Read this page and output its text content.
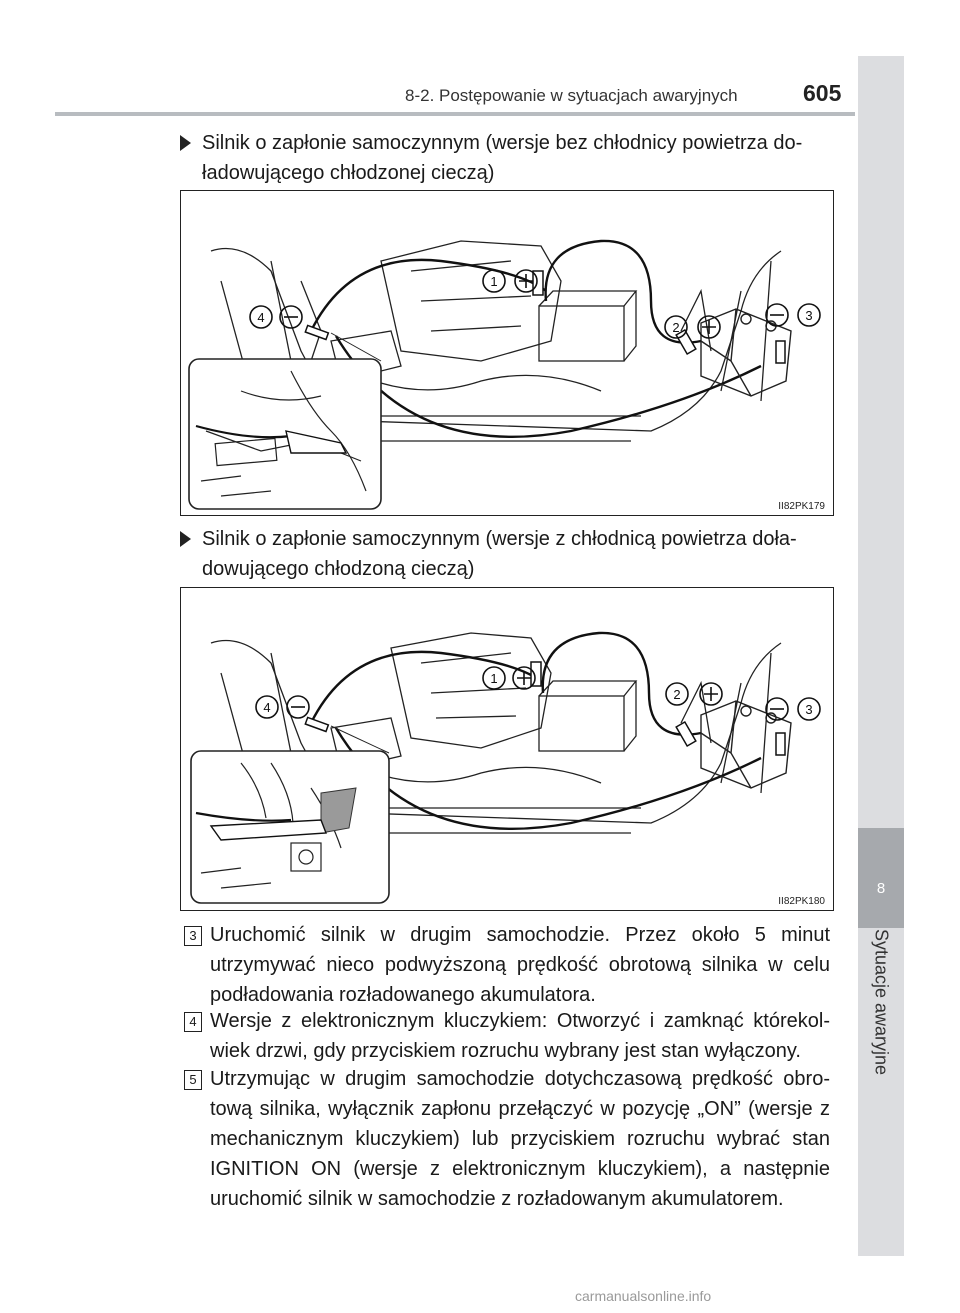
8-2. Postępowanie w sytuacjach awaryjnych	605
8
Sytuacje awaryjne
Silnik o zapłonie samoczynnym (wersje bez chłodnicy powietrza do-ładowującego chłodzonej cieczą)
1
2
3
4
II82PK179
Silnik o zapłonie samoczynnym (wersje z chłodnicą powietrza doła-dowującego chłodzoną cieczą)
1
2
3
4
II82PK180
3 Uruchomić silnik w drugim samochodzie. Przez około 5 minut utrzymywać nieco podwyższoną prędkość obrotową silnika w celu podładowania rozładowanego akumulatora.
4 Wersje z elektronicznym kluczykiem: Otworzyć i zamknąć którekol-wiek drzwi, gdy przyciskiem rozruchu wybrany jest stan wyłączony.
5 Utrzymując w drugim samochodzie dotychczasową prędkość obro-tową silnika, wyłącznik zapłonu przełączyć w pozycję „ON” (wersje z mechanicznym kluczykiem) lub przyciskiem rozruchu wybrać stan IGNITION ON (wersje z elektronicznym kluczykiem), a następnie uruchomić silnik w samochodzie z rozładowanym akumulatorem.
carmanualsonline.info
